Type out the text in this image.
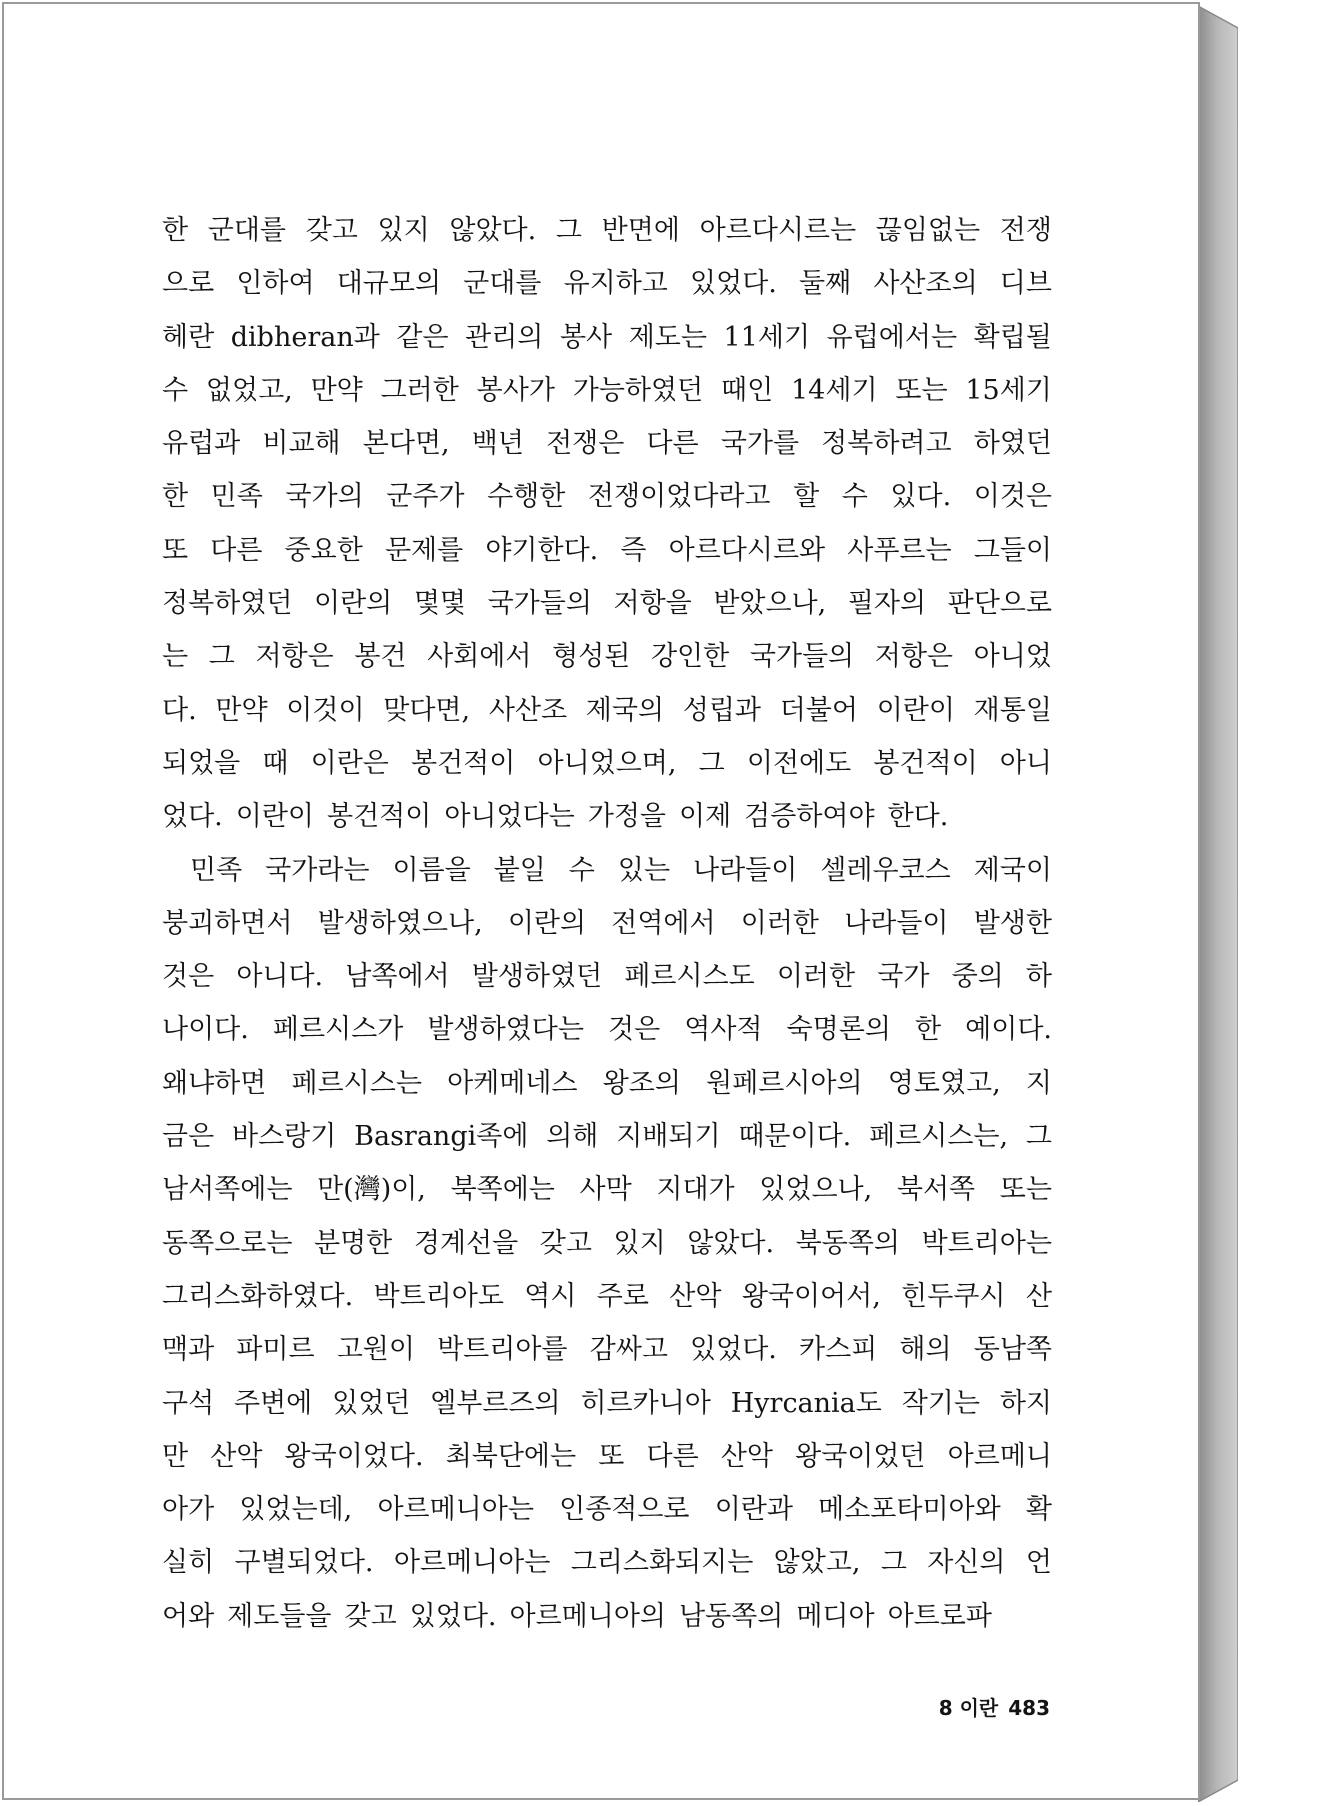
한 군대를 갖고 있지 않았다. 그 반면에 아르다시르는 끊임없는 전쟁
으로 인하여 대규모의 군대를 유지하고 있었다. 둘째 사산조의 디브
헤란 dibheran과 같은 관리의 봉사 제도는 11세기 유럽에서는 확립될
수 없었고, 만약 그러한 봉사가 가능하였던 때인 14세기 또는 15세기
유럽과 비교해 본다면, 백년 전쟁은 다른 국가를 정복하려고 하였던
한 민족 국가의 군주가 수행한 전쟁이었다라고 할 수 있다. 이것은
또 다른 중요한 문제를 야기한다. 즉 아르다시르와 사푸르는 그들이
정복하였던 이란의 몇몇 국가들의 저항을 받았으나, 필자의 판단으로
는 그 저항은 봉건 사회에서 형성된 강인한 국가들의 저항은 아니었
다. 만약 이것이 맞다면, 사산조 제국의 성립과 더불어 이란이 재통일
되었을 때 이란은 봉건적이 아니었으며, 그 이전에도 봉건적이 아니
었다. 이란이 봉건적이 아니었다는 가정을 이제 검증하여야 한다.
민족 국가라는 이름을 붙일 수 있는 나라들이 셀레우코스 제국이
붕괴하면서 발생하였으나, 이란의 전역에서 이러한 나라들이 발생한
것은 아니다. 남쪽에서 발생하였던 페르시스도 이러한 국가 중의 하
나이다. 페르시스가 발생하였다는 것은 역사적 숙명론의 한 예이다.
왜냐하면 페르시스는 아케메네스 왕조의 원페르시아의 영토였고, 지
금은 바스랑기 Basrangi족에 의해 지배되기 때문이다. 페르시스는, 그
남서쪽에는 만(灣)이, 북쪽에는 사막 지대가 있었으나, 북서쪽 또는
동쪽으로는 분명한 경계선을 갖고 있지 않았다. 북동쪽의 박트리아는
그리스화하였다. 박트리아도 역시 주로 산악 왕국이어서, 힌두쿠시 산
맥과 파미르 고원이 박트리아를 감싸고 있었다. 카스피 해의 동남쪽
구석 주변에 있었던 엘부르즈의 히르카니아 Hyrcania도 작기는 하지
만 산악 왕국이었다. 최북단에는 또 다른 산악 왕국이었던 아르메니
아가 있었는데, 아르메니아는 인종적으로 이란과 메소포타미아와 확
실히 구별되었다. 아르메니아는 그리스화되지는 않았고, 그 자신의 언
어와 제도들을 갖고 있었다. 아르메니아의 남동쪽의 메디아 아트로파
8 이란 483
